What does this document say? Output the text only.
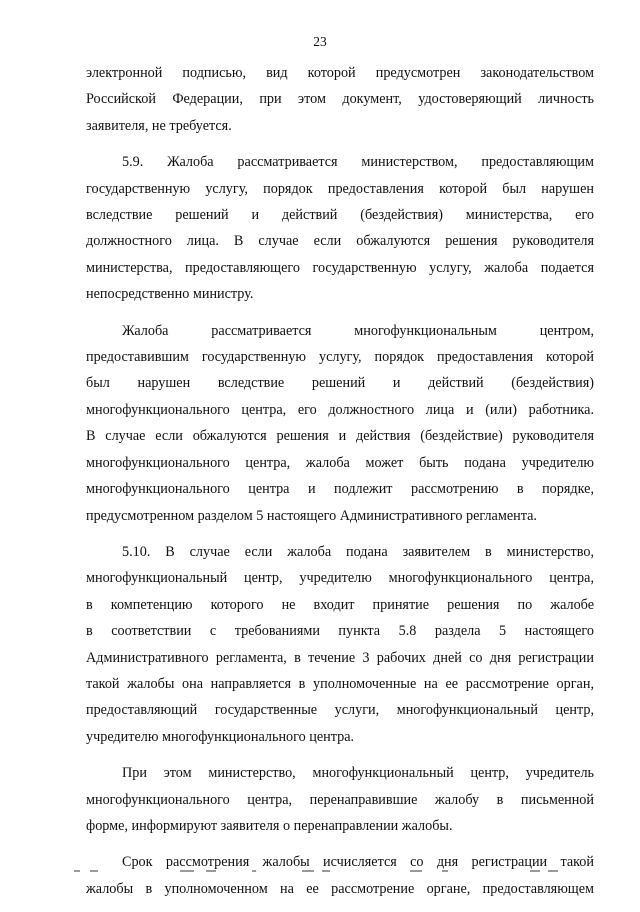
23

электронной подписью, вид которой предусмотрен законодательством
Российской Федерации, при этом документ, удостоверяющий личность
заявителя, не требуется.

5.9. Жалоба рассматривается министерством, предоставляющим
государственную услугу, порядок предоставления которой был нарушен
вследствие решений и действий (бездействия) министерства, его
должностного лица. В случае если обжалуются решения руководителя
министерства, предоставляющего государственную услугу, жалоба подается
непосредственно министру.

Жалоба рассматривается многофункциональным центром,
предоставившим государственную услугу, порядок предоставления которой
был нарушен вследствие решений и действий (бездействия)
многофункционального центра, его должностного лица и (или) работника.
В случае если обжалуются решения и действия (бездействие) руководителя
многофункционального центра, жалоба может быть подана учредителю
многофункционального центра и подлежит рассмотрению в порядке,
предусмотренном разделом 5 настоящего Административного регламента.

5.10. В случае если жалоба подана заявителем в министерство,
многофункциональный центр, учредителю многофункционального центра,
в компетенцию которого не входит принятие решения по жалобе
в соответствии с требованиями пункта 5.8 раздела 5 настоящего
Административного регламента, в течение 3 рабочих дней со дня регистрации
такой жалобы она направляется в уполномоченные на ее рассмотрение орган,
предоставляющий государственные услуги, многофункциональный центр,
учредителю многофункционального центра.

При этом министерство, многофункциональный центр, учредитель
многофункционального центра, перенаправившие жалобу в письменной
форме, информируют заявителя о перенаправлении жалобы.

Срок рассмотрения жалобы исчисляется со дня регистрации такой
жалобы в уполномоченном на ее рассмотрение органе, предоставляющем
